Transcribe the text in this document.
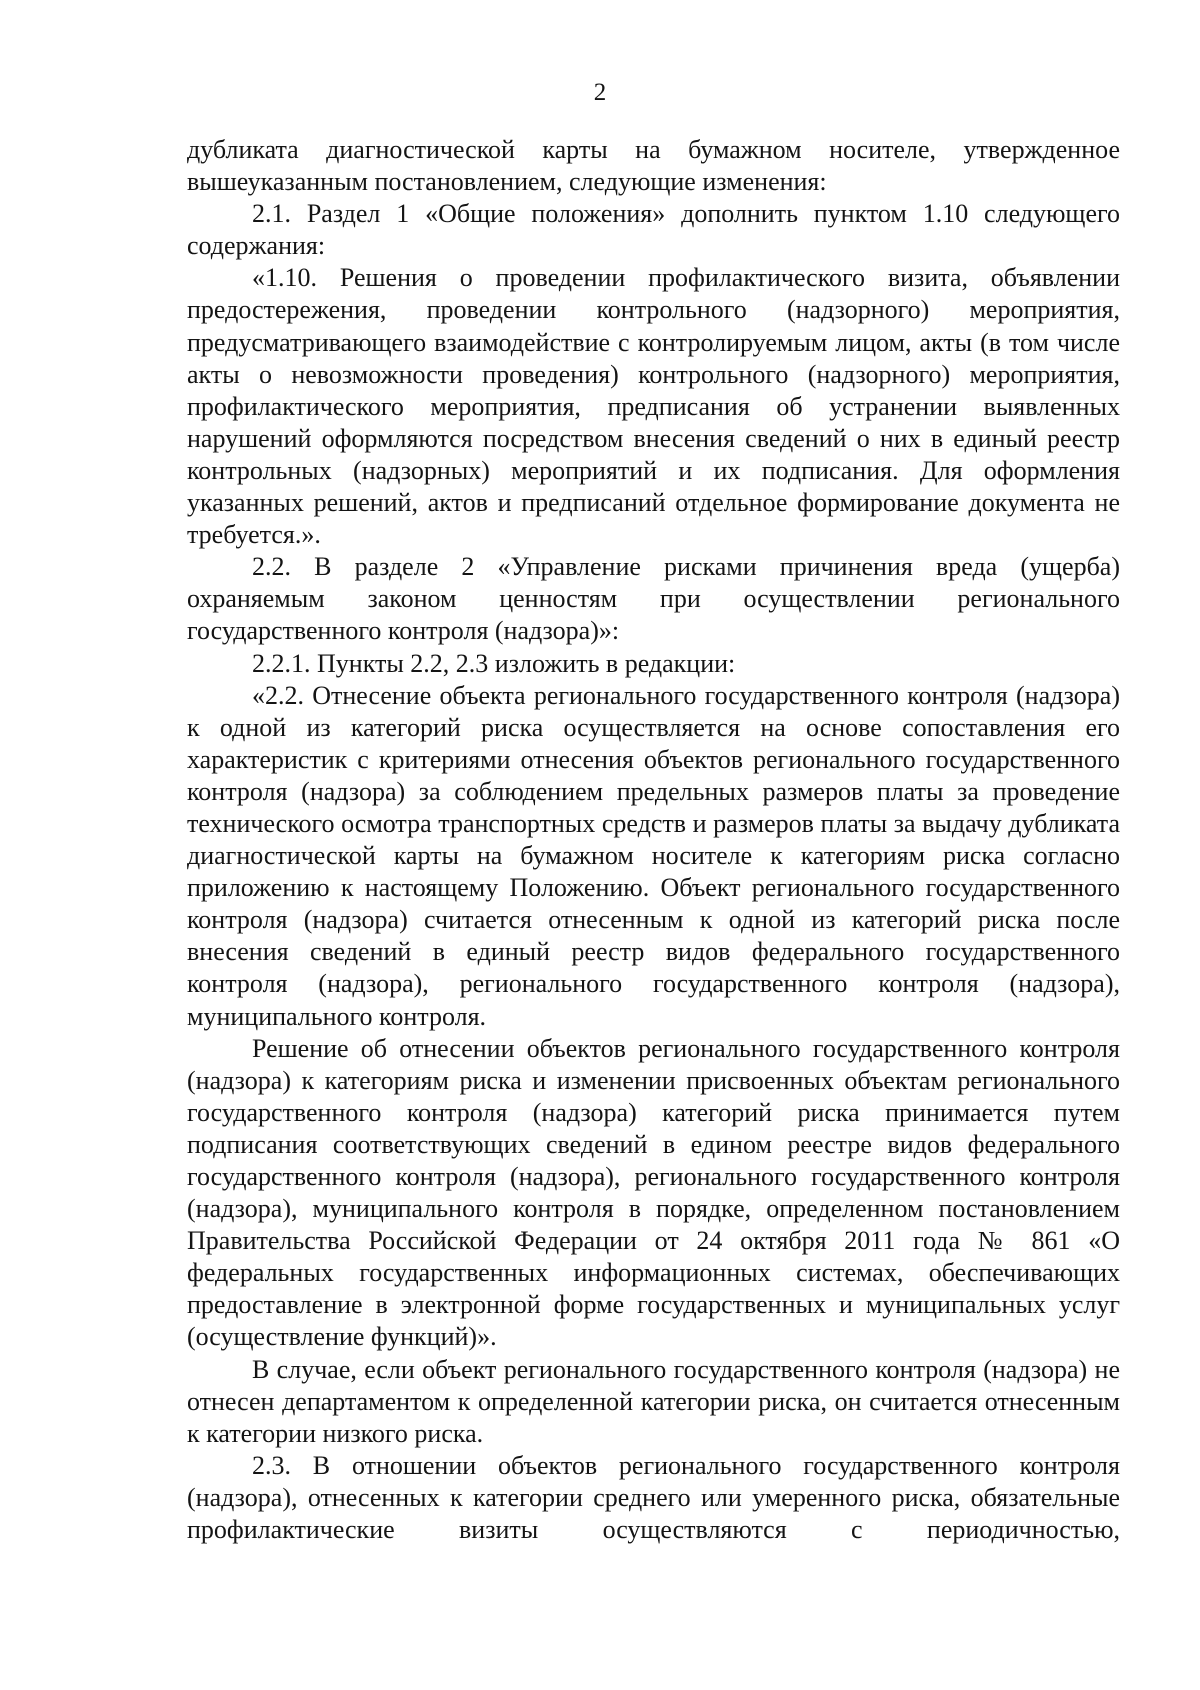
2

дубликата диагностической карты на бумажном носителе, утвержденное вышеуказанным постановлением, следующие изменения:

2.1. Раздел 1 «Общие положения» дополнить пунктом 1.10 следующего содержания:

«1.10. Решения о проведении профилактического визита, объявлении предостережения, проведении контрольного (надзорного) мероприятия, предусматривающего взаимодействие с контролируемым лицом, акты (в том числе акты о невозможности проведения) контрольного (надзорного) мероприятия, профилактического мероприятия, предписания об устранении выявленных нарушений оформляются посредством внесения сведений о них в единый реестр контрольных (надзорных) мероприятий и их подписания. Для оформления указанных решений, актов и предписаний отдельное формирование документа не требуется.».

2.2. В разделе 2 «Управление рисками причинения вреда (ущерба) охраняемым законом ценностям при осуществлении регионального государственного контроля (надзора)»:

2.2.1. Пункты 2.2, 2.3 изложить в редакции:

«2.2. Отнесение объекта регионального государственного контроля (надзора) к одной из категорий риска осуществляется на основе сопоставления его характеристик с критериями отнесения объектов регионального государственного контроля (надзора) за соблюдением предельных размеров платы за проведение технического осмотра транспортных средств и размеров платы за выдачу дубликата диагностической карты на бумажном носителе к категориям риска согласно приложению к настоящему Положению. Объект регионального государственного контроля (надзора) считается отнесенным к одной из категорий риска после внесения сведений в единый реестр видов федерального государственного контроля (надзора), регионального государственного контроля (надзора), муниципального контроля.

Решение об отнесении объектов регионального государственного контроля (надзора) к категориям риска и изменении присвоенных объектам регионального государственного контроля (надзора) категорий риска принимается путем подписания соответствующих сведений в едином реестре видов федерального государственного контроля (надзора), регионального государственного контроля (надзора), муниципального контроля в порядке, определенном постановлением Правительства Российской Федерации от 24 октября 2011 года № 861 «О федеральных государственных информационных системах, обеспечивающих предоставление в электронной форме государственных и муниципальных услуг (осуществление функций)».

В случае, если объект регионального государственного контроля (надзора) не отнесен департаментом к определенной категории риска, он считается отнесенным к категории низкого риска.

2.3. В отношении объектов регионального государственного контроля (надзора), отнесенных к категории среднего или умеренного риска, обязательные профилактические визиты осуществляются с периодичностью,
